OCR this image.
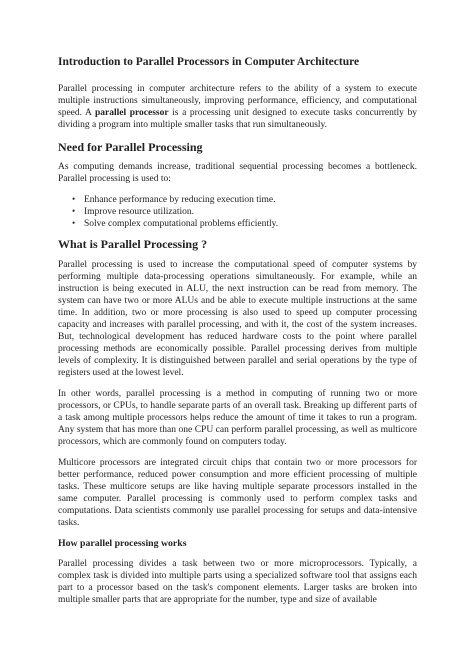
Introduction to Parallel Processors in Computer Architecture
Parallel processing in computer architecture refers to the ability of a system to execute
multiple instructions simultaneously, improving performance, efficiency, and computational
speed. A parallel processor is a processing unit designed to execute tasks concurrently by
dividing a program into multiple smaller tasks that run simultaneously.
Need for Parallel Processing
As computing demands increase, traditional sequential processing becomes a bottleneck.
Parallel processing is used to:
• Enhance performance by reducing execution time.
• Improve resource utilization.
• Solve complex computational problems efficiently.
What is Parallel Processing ?
Parallel processing is used to increase the computational speed of computer systems by
performing multiple data-processing operations simultaneously. For example, while an
instruction is being executed in ALU, the next instruction can be read from memory. The
system can have two or more ALUs and be able to execute multiple instructions at the same
time. In addition, two or more processing is also used to speed up computer processing
capacity and increases with parallel processing, and with it, the cost of the system increases.
But, technological development has reduced hardware costs to the point where parallel
processing methods are economically possible. Parallel processing derives from multiple
levels of complexity. It is distinguished between parallel and serial operations by the type of
registers used at the lowest level.
In other words, parallel processing is a method in computing of running two or more
processors, or CPUs, to handle separate parts of an overall task. Breaking up different parts of
a task among multiple processors helps reduce the amount of time it takes to run a program.
Any system that has more than one CPU can perform parallel processing, as well as multicore
processors, which are commonly found on computers today.
Multicore processors are integrated circuit chips that contain two or more processors for
better performance, reduced power consumption and more efficient processing of multiple
tasks. These multicore setups are like having multiple separate processors installed in the
same computer. Parallel processing is commonly used to perform complex tasks and
computations. Data scientists commonly use parallel processing for setups and data-intensive
tasks.
How parallel processing works
Parallel processing divides a task between two or more microprocessors. Typically, a
complex task is divided into multiple parts using a specialized software tool that assigns each
part to a processor based on the task's component elements. Larger tasks are broken into
multiple smaller parts that are appropriate for the number, type and size of available
